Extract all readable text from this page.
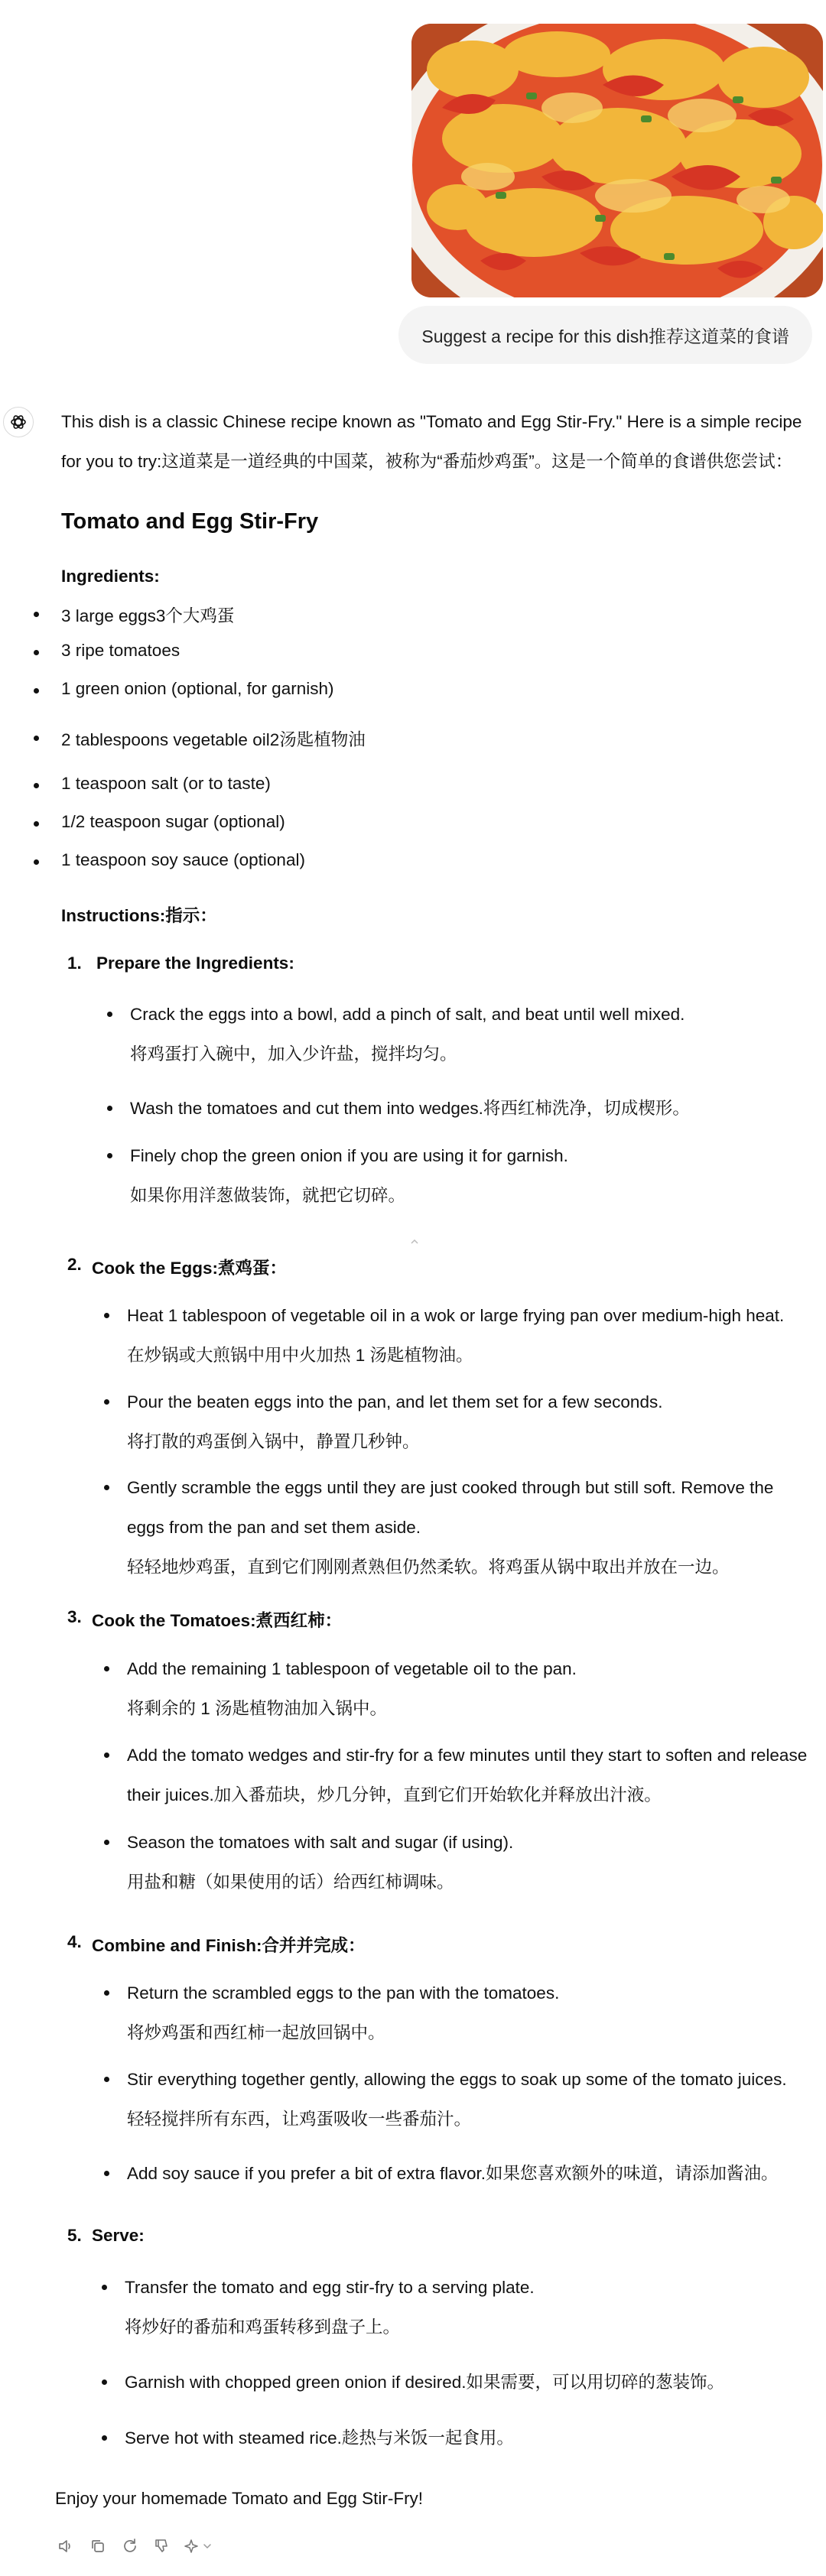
Suggest a recipe for this dish推荐这道菜的食谱
This dish is a classic Chinese recipe known as "Tomato and Egg Stir-Fry." Here is a simple recipe for you to try:这道菜是一道经典的中国菜，被称为“番茄炒鸡蛋”。这是一个简单的食谱供您尝试：
Tomato and Egg Stir-Fry
Ingredients:
3 large eggs3个大鸡蛋
3 ripe tomatoes
1 green onion (optional, for garnish)
2 tablespoons vegetable oil2汤匙植物油
1 teaspoon salt (or to taste)
1/2 teaspoon sugar (optional)
1 teaspoon soy sauce (optional)
Instructions:指示：
1. Prepare the Ingredients:
Crack the eggs into a bowl, add a pinch of salt, and beat until well mixed.
将鸡蛋打入碗中，加入少许盐，搅拌均匀。
Wash the tomatoes and cut them into wedges.将西红柿洗净，切成楔形。
Finely chop the green onion if you are using it for garnish.
如果你用洋葱做装饰，就把它切碎。
2. Cook the Eggs:煮鸡蛋：
Heat 1 tablespoon of vegetable oil in a wok or large frying pan over medium-high heat.
在炒锅或大煎锅中用中火加热 1 汤匙植物油。
Pour the beaten eggs into the pan, and let them set for a few seconds.
将打散的鸡蛋倒入锅中，静置几秒钟。
Gently scramble the eggs until they are just cooked through but still soft. Remove the eggs from the pan and set them aside.
轻轻地炒鸡蛋，直到它们刚刚煮熟但仍然柔软。将鸡蛋从锅中取出并放在一边。
3. Cook the Tomatoes:煮西红柿：
Add the remaining 1 tablespoon of vegetable oil to the pan.
将剩余的 1 汤匙植物油加入锅中。
Add the tomato wedges and stir-fry for a few minutes until they start to soften and release their juices.加入番茄块，炒几分钟，直到它们开始软化并释放出汁液。
Season the tomatoes with salt and sugar (if using).
用盐和糖（如果使用的话）给西红柿调味。
4. Combine and Finish:合并并完成：
Return the scrambled eggs to the pan with the tomatoes.
将炒鸡蛋和西红柿一起放回锅中。
Stir everything together gently, allowing the eggs to soak up some of the tomato juices.
轻轻搅拌所有东西，让鸡蛋吸收一些番茄汁。
Add soy sauce if you prefer a bit of extra flavor.如果您喜欢额外的味道，请添加酱油。
5. Serve:
Transfer the tomato and egg stir-fry to a serving plate.
将炒好的番茄和鸡蛋转移到盘子上。
Garnish with chopped green onion if desired.如果需要，可以用切碎的葱装饰。
Serve hot with steamed rice.趁热与米饭一起食用。
Enjoy your homemade Tomato and Egg Stir-Fry!
